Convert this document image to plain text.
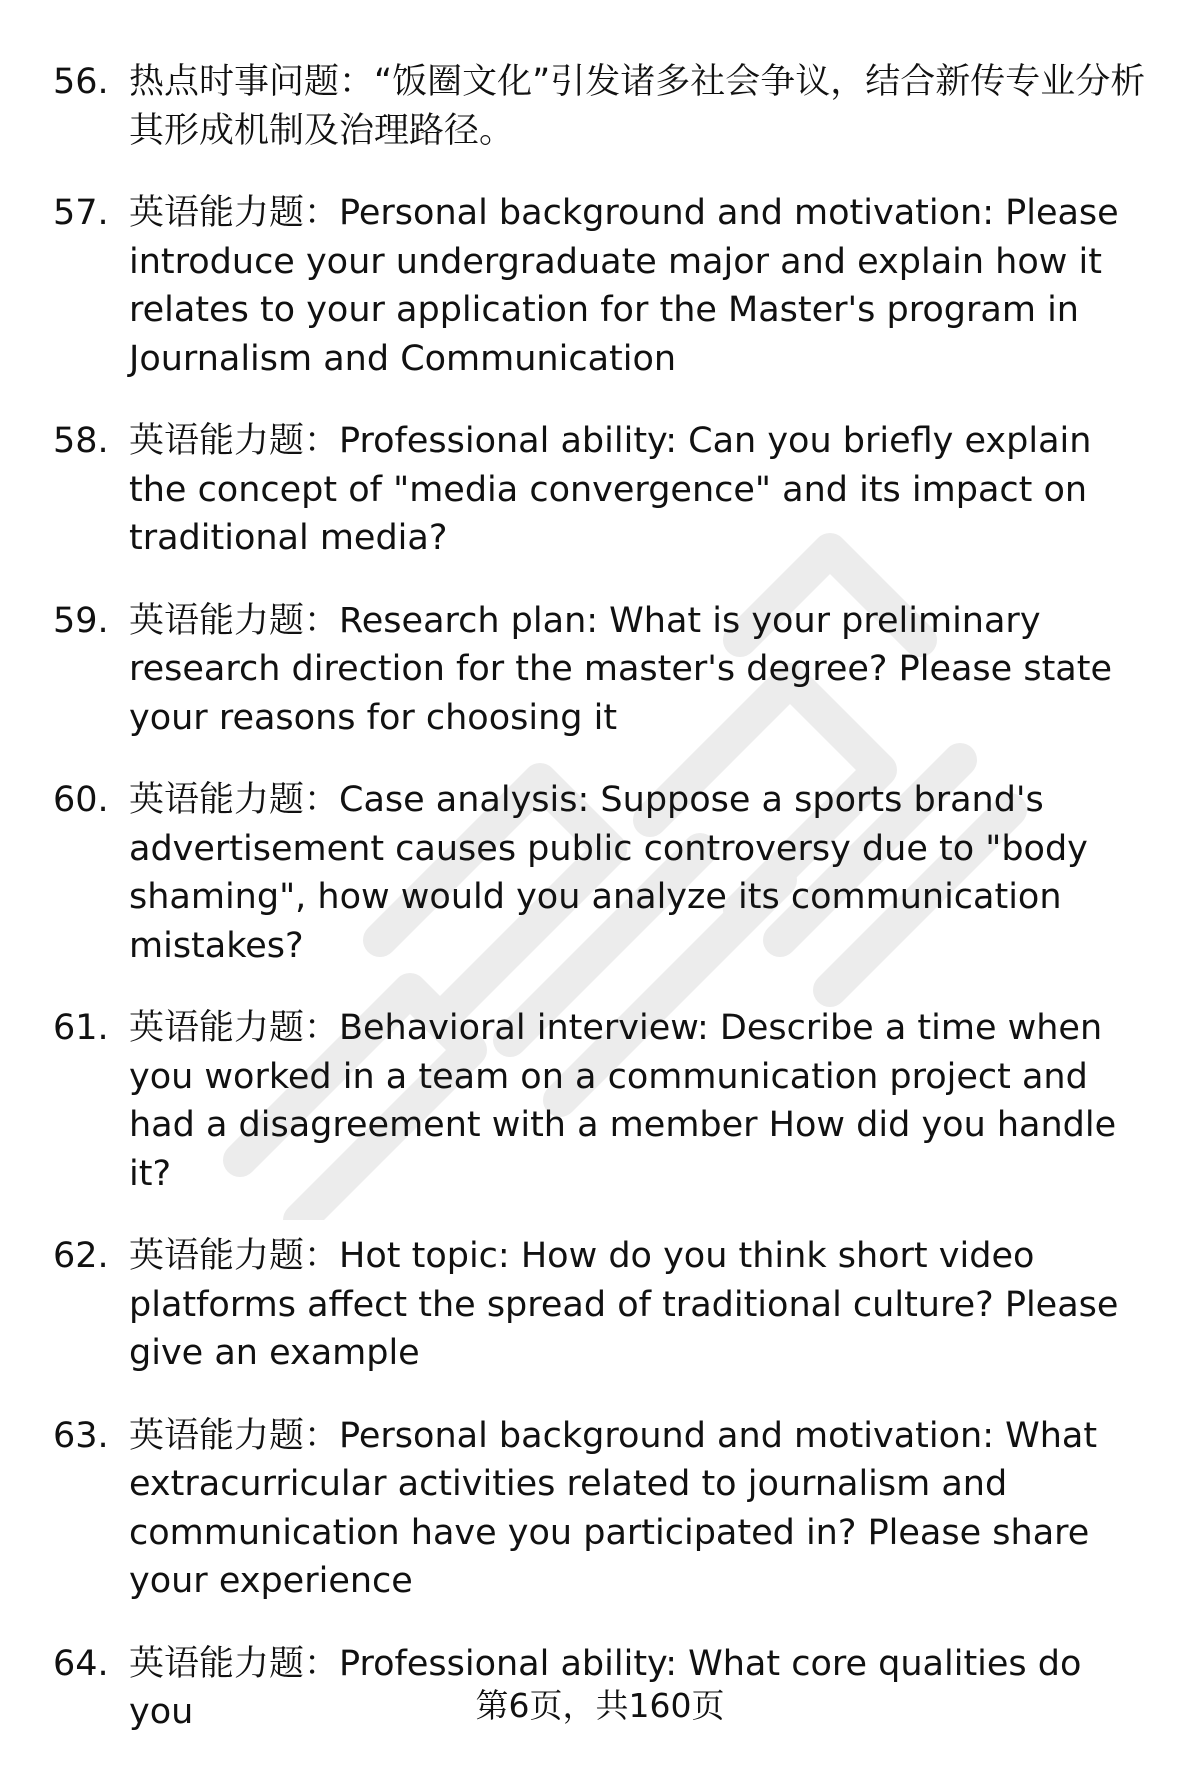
56. 热点时事问题：“饭圈文化”引发诸多社会争议，结合新传专业分析其形成机制及治理路径。
57. 英语能力题：Personal background and motivation: Please introduce your undergraduate major and explain how it relates to your application for the Master's program in Journalism and Communication
58. 英语能力题：Professional ability: Can you briefly explain the concept of "media convergence" and its impact on traditional media?
59. 英语能力题：Research plan: What is your preliminary research direction for the master's degree? Please state your reasons for choosing it
60. 英语能力题：Case analysis: Suppose a sports brand's advertisement causes public controversy due to "body shaming", how would you analyze its communication mistakes?
61. 英语能力题：Behavioral interview: Describe a time when you worked in a team on a communication project and had a disagreement with a member How did you handle it?
62. 英语能力题：Hot topic: How do you think short video platforms affect the spread of traditional culture? Please give an example
63. 英语能力题：Personal background and motivation: What extracurricular activities related to journalism and communication have you participated in? Please share your experience
64. 英语能力题：Professional ability: What core qualities do you	第6页，共160页
